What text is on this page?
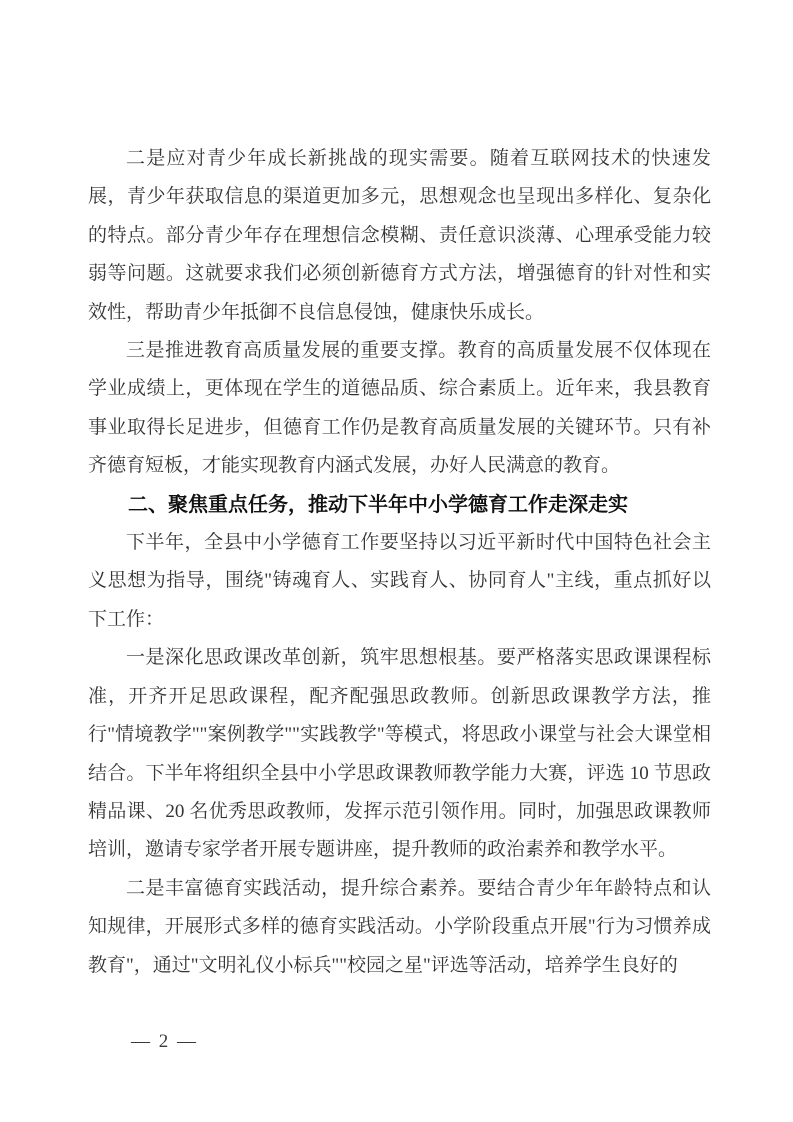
二是应对青少年成长新挑战的现实需要。随着互联网技术的快速发展，青少年获取信息的渠道更加多元，思想观念也呈现出多样化、复杂化的特点。部分青少年存在理想信念模糊、责任意识淡薄、心理承受能力较弱等问题。这就要求我们必须创新德育方式方法，增强德育的针对性和实效性，帮助青少年抵御不良信息侵蚀，健康快乐成长。

三是推进教育高质量发展的重要支撑。教育的高质量发展不仅体现在学业成绩上，更体现在学生的道德品质、综合素质上。近年来，我县教育事业取得长足进步，但德育工作仍是教育高质量发展的关键环节。只有补齐德育短板，才能实现教育内涵式发展，办好人民满意的教育。

二、聚焦重点任务，推动下半年中小学德育工作走深走实

下半年，全县中小学德育工作要坚持以习近平新时代中国特色社会主义思想为指导，围绕"铸魂育人、实践育人、协同育人"主线，重点抓好以下工作：

一是深化思政课改革创新，筑牢思想根基。要严格落实思政课课程标准，开齐开足思政课程，配齐配强思政教师。创新思政课教学方法，推行"情境教学""案例教学""实践教学"等模式，将思政小课堂与社会大课堂相结合。下半年将组织全县中小学思政课教师教学能力大赛，评选 10 节思政精品课、20 名优秀思政教师，发挥示范引领作用。同时，加强思政课教师培训，邀请专家学者开展专题讲座，提升教师的政治素养和教学水平。

二是丰富德育实践活动，提升综合素养。要结合青少年年龄特点和认知规律，开展形式多样的德育实践活动。小学阶段重点开展"行为习惯养成教育"，通过"文明礼仪小标兵""校园之星"评选等活动，培养学生良好的

— 2 —
